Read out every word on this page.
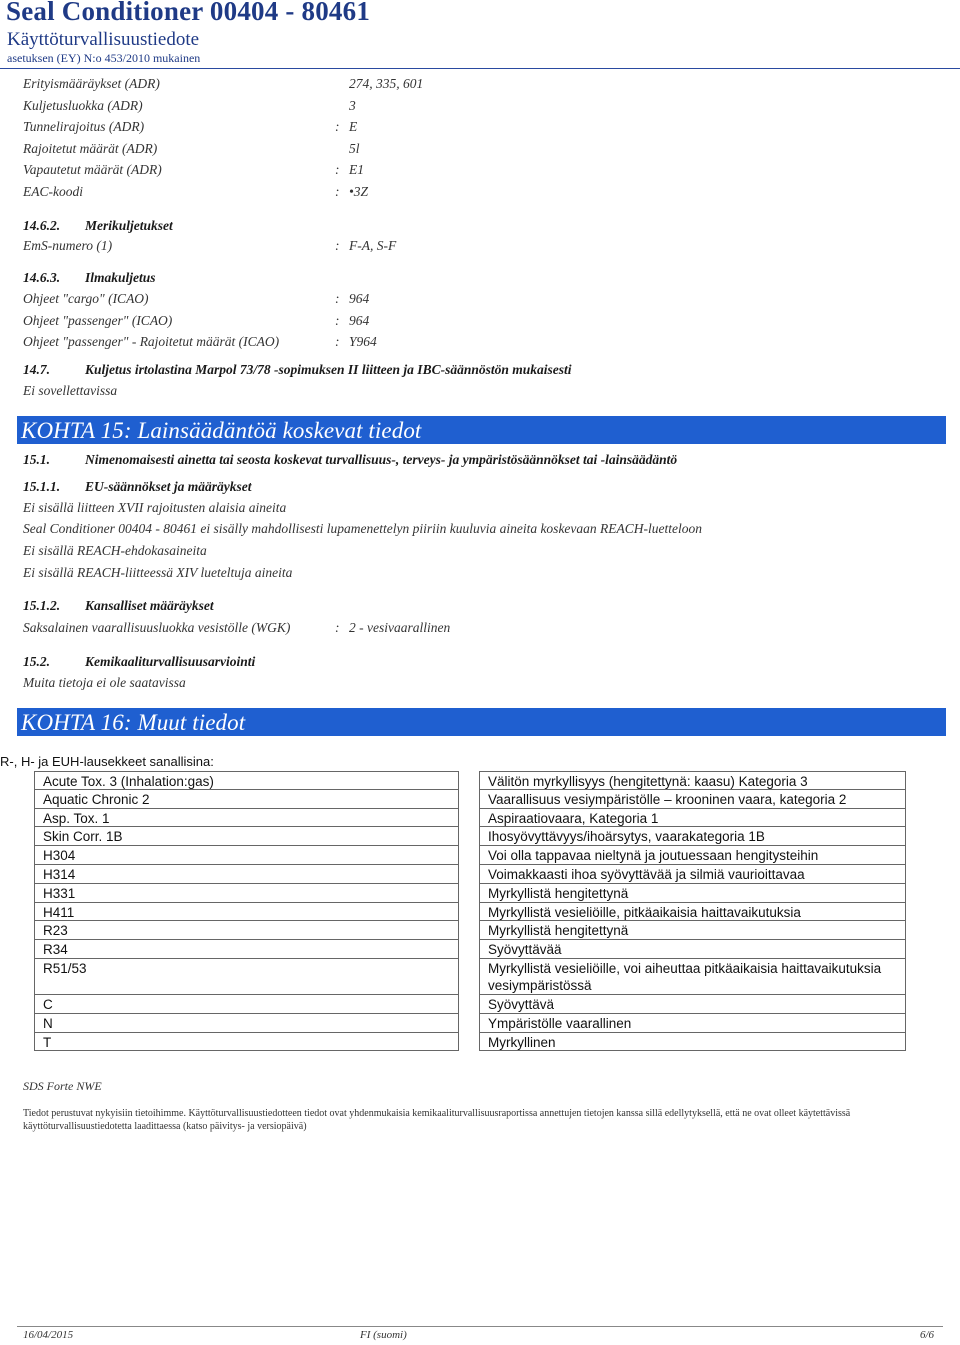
Seal Conditioner 00404 - 80461
Käyttöturvallisuustiedote
asetuksen (EY) N:o 453/2010 mukainen
Erityismääräykset (ADR)	274, 335, 601
Kuljetusluokka (ADR)	3
Tunnelirajoitus (ADR)	: E
Rajoitetut määrät (ADR)	5l
Vapautetut määrät (ADR)	: E1
EAC-koodi	: •3Z
14.6.2. Merikuljetukset
EmS-numero (1)	: F-A, S-F
14.6.3. Ilmakuljetus
Ohjeet "cargo" (ICAO)	: 964
Ohjeet "passenger" (ICAO)	: 964
Ohjeet "passenger" - Rajoitetut määrät (ICAO)	: Y964
14.7.	Kuljetus irtolastina Marpol 73/78 -sopimuksen II liitteen ja IBC-säännöstön mukaisesti
Ei sovellettavissa
KOHTA 15: Lainsäädäntöä koskevat tiedot
15.1.	Nimenomaisesti ainetta tai seosta koskevat turvallisuus-, terveys- ja ympäristösäännökset tai -lainsäädäntö
15.1.1. EU-säännökset ja määräykset
Ei sisällä liitteen XVII rajoitusten alaisia aineita
Seal Conditioner 00404 - 80461 ei sisälly mahdollisesti lupamenettelyn piiriin kuuluvia aineita koskevaan REACH-luetteloon
Ei sisällä REACH-ehdokasaineita
Ei sisällä REACH-liitteessä XIV lueteltuja aineita
15.1.2. Kansalliset määräykset
Saksalainen vaarallisuusluokka vesistölle (WGK)	: 2 - vesivaarallinen
15.2.	Kemikaaliturvallisuusarviointi
Muita tietoja ei ole saatavissa
KOHTA 16: Muut tiedot
R-, H- ja EUH-lausekkeet sanallisina:
Acute Tox. 3 (Inhalation:gas)	Välitön myrkyllisyys (hengitettynä: kaasu) Kategoria 3
Aquatic Chronic 2	Vaarallisuus vesiympäristölle – krooninen vaara, kategoria 2
Asp. Tox. 1	Aspiraatiovaara, Kategoria 1
Skin Corr. 1B	Ihosyövyttävyys/ihoärsytys, vaarakategoria 1B
H304	Voi olla tappavaa nieltynä ja joutuessaan hengitysteihin
H314	Voimakkaasti ihoa syövyttävää ja silmiä vaurioittavaa
H331	Myrkyllistä hengitettynä
H411	Myrkyllistä vesieliöille, pitkäaikaisia haittavaikutuksia
R23	Myrkyllistä hengitettynä
R34	Syövyttävää
R51/53	Myrkyllistä vesieliöille, voi aiheuttaa pitkäaikaisia haittavaikutuksia vesiympäristössä
C	Syövyttävä
N	Ympäristölle vaarallinen
T	Myrkyllinen
SDS Forte NWE
Tiedot perustuvat nykyisiin tietoihimme. Käyttöturvallisuustiedotteen tiedot ovat yhdenmukaisia kemikaaliturvallisuusraportissa annettujen tietojen kanssa sillä edellytyksellä, että ne ovat olleet käytettävissä käyttöturvallisuustiedotetta laadittaessa (katso päivitys- ja versiopäivä)
16/04/2015	FI (suomi)	6/6
